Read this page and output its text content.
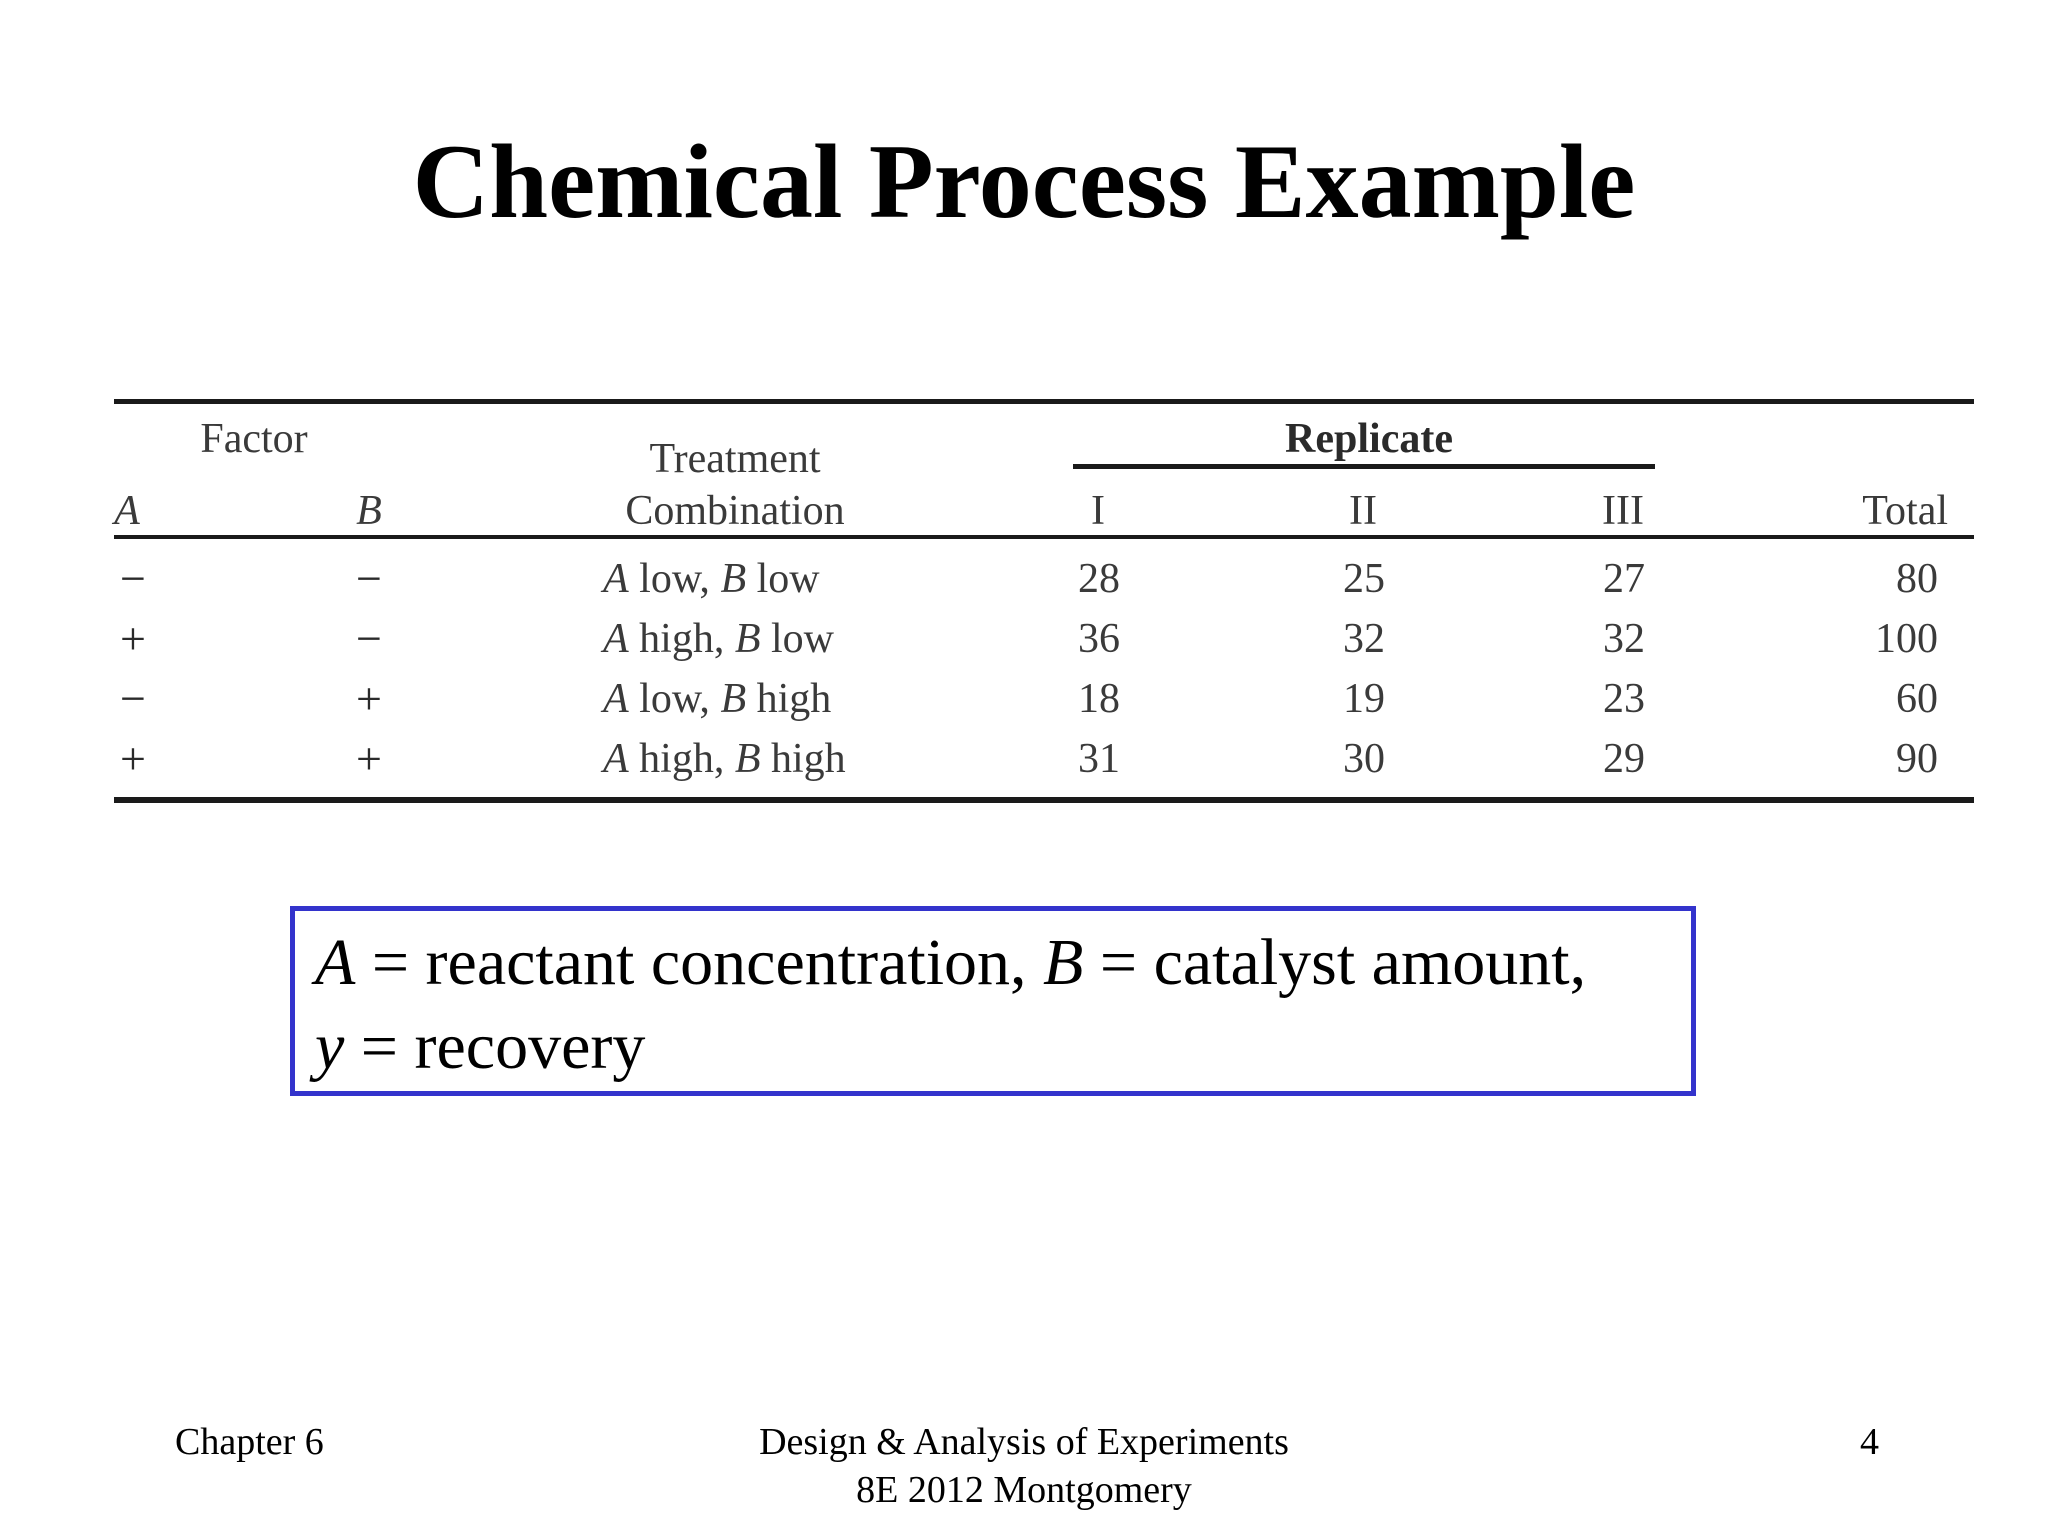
Chemical Process Example
Factor
A	B
Treatment
Combination
Replicate
I	II	III	Total
−	−	A low, B low	28	25	27	80
+	−	A high, B low	36	32	32	100
−	+	A low, B high	18	19	23	60
+	+	A high, B high	31	30	29	90
A = reactant concentration, B = catalyst amount,
y = recovery
Chapter 6	Design & Analysis of Experiments
8E 2012 Montgomery
4
